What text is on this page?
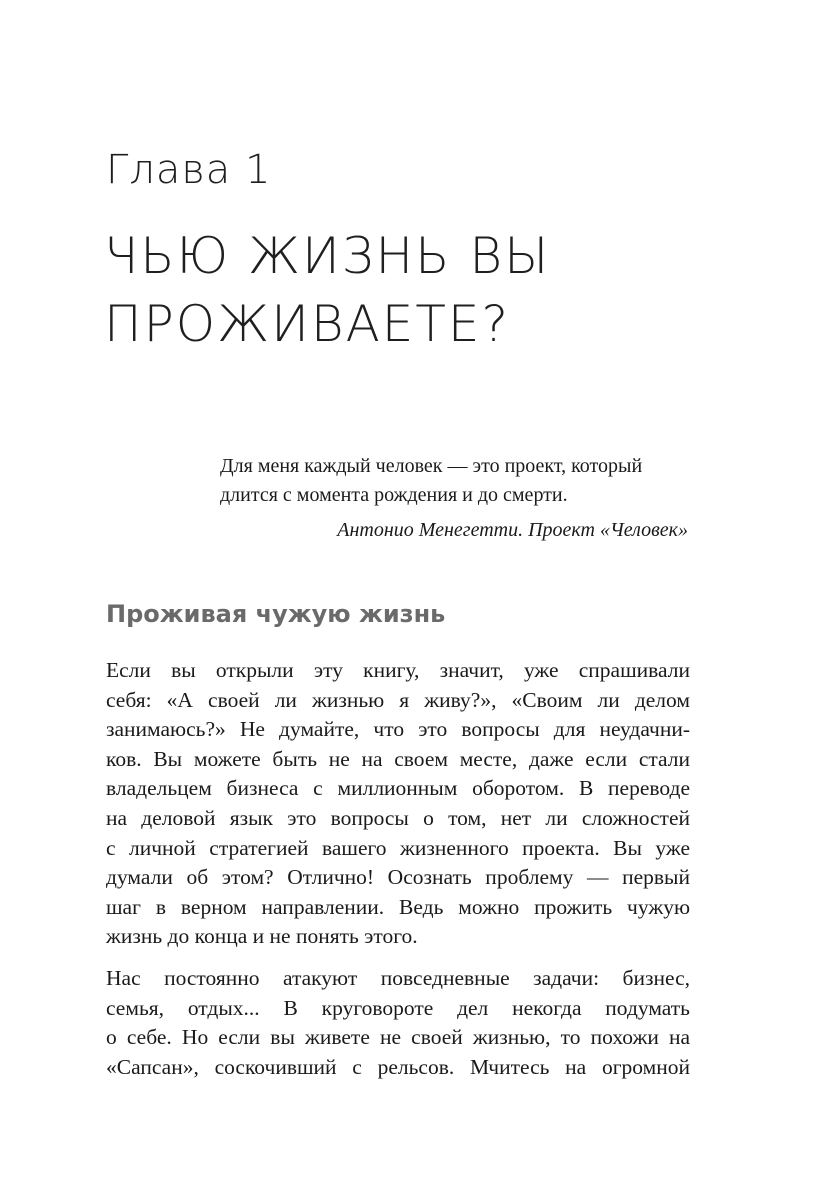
Глава 1
ЧЬЮ ЖИЗНЬ ВЫ
ПРОЖИВАЕТЕ?
Для меня каждый человек — это проект, который
длится с момента рождения и до смерти.
Антонио Менегетти. Проект «Человек»
Проживая чужую жизнь

Если вы открыли эту книгу, значит, уже спрашивали
себя: «А своей ли жизнью я живу?», «Своим ли делом
занимаюсь?» Не думайте, что это вопросы для неудачни-
ков. Вы можете быть не на своем месте, даже если стали
владельцем бизнеса с миллионным оборотом. В переводе
на деловой язык это вопросы о том, нет ли сложностей
с личной стратегией вашего жизненного проекта. Вы уже
думали об этом? Отлично! Осознать проблему — первый
шаг в верном направлении. Ведь можно прожить чужую
жизнь до конца и не понять этого.

Нас постоянно атакуют повседневные задачи: бизнес,
семья, отдых... В круговороте дел некогда подумать
о себе. Но если вы живете не своей жизнью, то похожи на
«Сапсан», соскочивший с рельсов. Мчитесь на огромной
